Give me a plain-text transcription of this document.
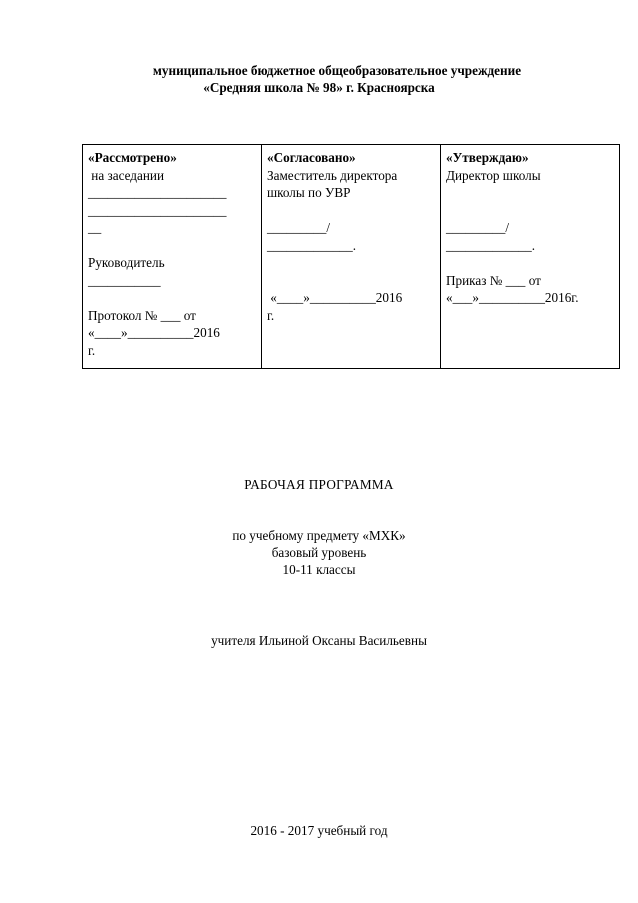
муниципальное бюджетное общеобразовательное учреждение
«Средняя школа № 98» г. Красноярска
«Рассмотрено»
на заседании
_____________________
_____________________
__
Руководитель
___________
Протокол № ___ от
«____»__________2016
г.

«Согласовано»
Заместитель директора
школы по УВР
_________/
_____________.
«____»__________2016
г.

«Утверждаю»
Директор школы
_________/
_____________.
Приказ № ___ от
«___»__________2016г.
РАБОЧАЯ ПРОГРАММА
по учебному предмету «МХК»
базовый уровень
10-11 классы
учителя Ильиной Оксаны Васильевны
2016 - 2017 учебный год
